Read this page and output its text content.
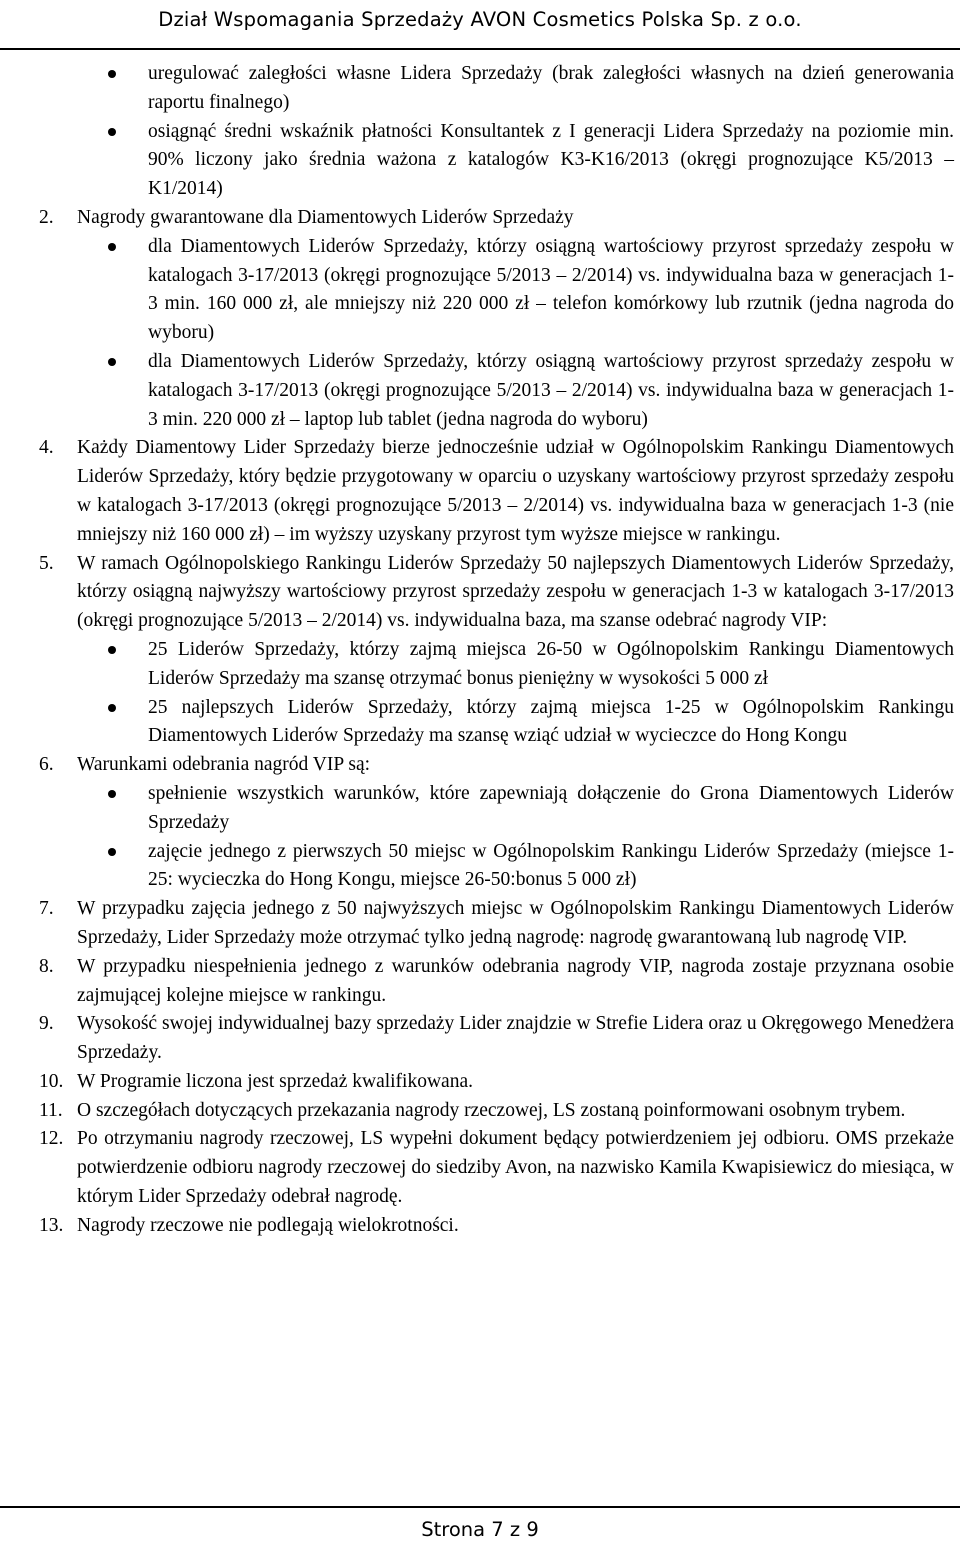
Dział Wspomagania Sprzedaży AVON Cosmetics Polska Sp. z o.o.
uregulować zaległości własne Lidera Sprzedaży (brak zaległości własnych na dzień generowania raportu finalnego)
osiągnąć średni wskaźnik płatności Konsultantek z I generacji Lidera Sprzedaży na poziomie min. 90% liczony jako średnia ważona z katalogów K3-K16/2013 (okręgi prognozujące K5/2013 – K1/2014)
2. Nagrody gwarantowane dla Diamentowych Liderów Sprzedaży
dla Diamentowych Liderów Sprzedaży, którzy osiągną wartościowy przyrost sprzedaży zespołu w katalogach 3-17/2013 (okręgi prognozujące 5/2013 – 2/2014) vs. indywidualna baza w generacjach 1-3 min. 160 000 zł, ale mniejszy niż 220 000 zł – telefon komórkowy lub rzutnik (jedna nagroda do wyboru)
dla Diamentowych Liderów Sprzedaży, którzy osiągną wartościowy przyrost sprzedaży zespołu w katalogach 3-17/2013 (okręgi prognozujące 5/2013 – 2/2014) vs. indywidualna baza w generacjach 1-3 min. 220 000 zł – laptop lub tablet (jedna nagroda do wyboru)
4. Każdy Diamentowy Lider Sprzedaży bierze jednocześnie udział w Ogólnopolskim Rankingu Diamentowych Liderów Sprzedaży, który będzie przygotowany w oparciu o uzyskany wartościowy przyrost sprzedaży zespołu w katalogach 3-17/2013 (okręgi prognozujące 5/2013 – 2/2014) vs. indywidualna baza w generacjach 1-3 (nie mniejszy niż 160 000 zł) – im wyższy uzyskany przyrost tym wyższe miejsce w rankingu.
5. W ramach Ogólnopolskiego Rankingu Liderów Sprzedaży 50 najlepszych Diamentowych Liderów Sprzedaży, którzy osiągną najwyższy wartościowy przyrost sprzedaży zespołu w generacjach 1-3 w katalogach 3-17/2013 (okręgi prognozujące 5/2013 – 2/2014) vs. indywidualna baza, ma szanse odebrać nagrody VIP:
25 Liderów Sprzedaży, którzy zajmą miejsca 26-50 w Ogólnopolskim Rankingu Diamentowych Liderów Sprzedaży ma szansę otrzymać bonus pieniężny w wysokości 5 000 zł
25 najlepszych Liderów Sprzedaży, którzy zajmą miejsca 1-25 w Ogólnopolskim Rankingu Diamentowych Liderów Sprzedaży ma szansę wziąć udział w wycieczce do Hong Kongu
6. Warunkami odebrania nagród VIP są:
spełnienie wszystkich warunków, które zapewniają dołączenie do Grona Diamentowych Liderów Sprzedaży
zajęcie jednego z pierwszych 50 miejsc w Ogólnopolskim Rankingu Liderów Sprzedaży (miejsce 1-25: wycieczka do Hong Kongu, miejsce 26-50:bonus 5 000 zł)
7. W przypadku zajęcia jednego z 50 najwyższych miejsc w Ogólnopolskim Rankingu Diamentowych Liderów Sprzedaży, Lider Sprzedaży może otrzymać tylko jedną nagrodę: nagrodę gwarantowaną lub nagrodę VIP.
8. W przypadku niespełnienia jednego z warunków odebrania nagrody VIP, nagroda zostaje przyznana osobie zajmującej kolejne miejsce w rankingu.
9. Wysokość swojej indywidualnej bazy sprzedaży Lider znajdzie w Strefie Lidera oraz u Okręgowego Menedżera Sprzedaży.
10. W Programie liczona jest sprzedaż kwalifikowana.
11. O szczegółach dotyczących przekazania nagrody rzeczowej, LS zostaną poinformowani osobnym trybem.
12. Po otrzymaniu nagrody rzeczowej, LS wypełni dokument będący potwierdzeniem jej odbioru. OMS przekaże potwierdzenie odbioru nagrody rzeczowej do siedziby Avon, na nazwisko Kamila Kwapisiewicz do miesiąca, w którym Lider Sprzedaży odebrał nagrodę.
13. Nagrody rzeczowe nie podlegają wielokrotności.
Strona 7 z 9
